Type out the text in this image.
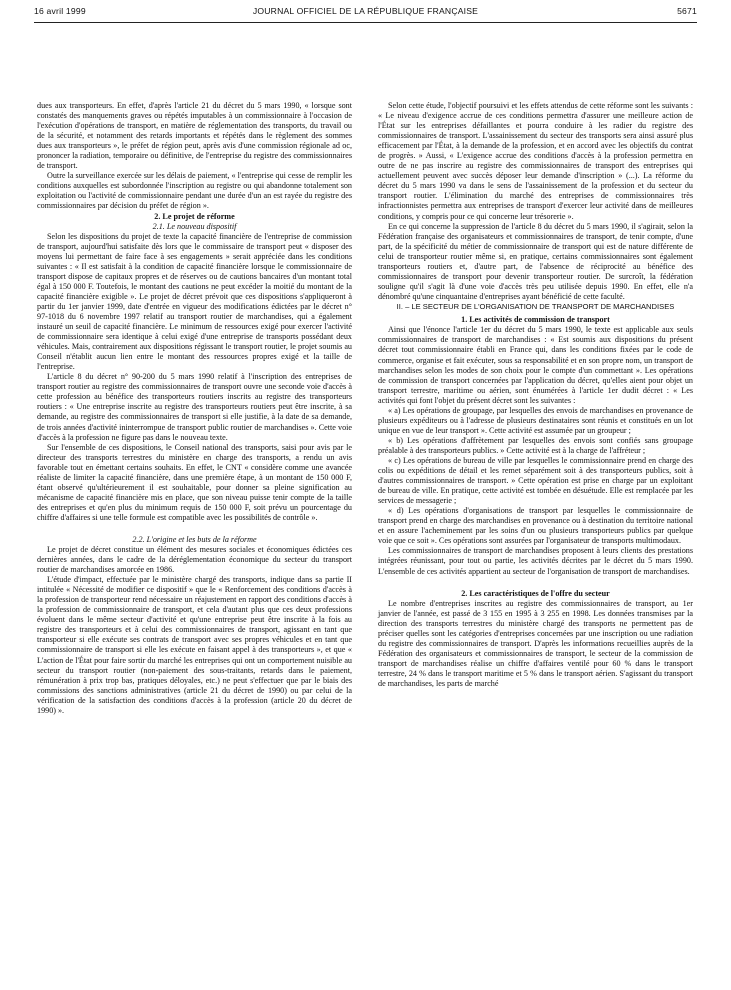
16 avril 1999	JOURNAL OFFICIEL DE LA RÉPUBLIQUE FRANÇAISE	5671

dues aux transporteurs. En effet, d'après l'article 21 du décret du 5 mars 1990, « lorsque sont constatés des manquements graves ou répétés imputables à un commissionnaire à l'occasion de l'exécution d'opérations de transport, en matière de réglementation des transports, du travail ou de la sécurité, et notamment des retards importants et répétés dans le règlement des sommes dues aux transporteurs », le préfet de région peut, après avis d'une commission régionale ad oc, prononcer la radiation, temporaire ou définitive, de l'entreprise du registre des commissionnaires de transport.

Outre la surveillance exercée sur les délais de paiement, « l'entreprise qui cesse de remplir les conditions auxquelles est subordonnée l'inscription au registre ou qui abandonne totalement son exploitation ou l'activité de commissionnaire pendant une durée d'un an est rayée du registre des commissionnaires par décision du préfet de région ».

2. Le projet de réforme

2.1. Le nouveau dispositif

Selon les dispositions du projet de texte la capacité financière de l'entreprise de commission de transport, aujourd'hui satisfaite dès lors que le commissaire de transport peut « disposer des moyens lui permettant de faire face à ses engagements » serait appréciée dans les conditions suivantes : « Il est satisfait à la condition de capacité financière lorsque le commissionnaire de transport dispose de capitaux propres et de réserves ou de cautions bancaires d'un montant total égal à 150 000 F. Toutefois, le montant des cautions ne peut excéder la moitié du montant de la capacité financière exigible ». Le projet de décret prévoit que ces dispositions s'appliqueront à partir du 1er janvier 1999, date d'entrée en vigueur des modifications édictées par le décret n° 97-1018 du 6 novembre 1997 relatif au transport routier de marchandises, qui a également instauré un seuil de capacité financière. Le minimum de ressources exigé pour exercer l'activité de commissionnaire sera identique à celui exigé d'une entreprise de transports possédant deux véhicules. Mais, contrairement aux dispositions régissant le transport routier, le projet soumis au Conseil n'établit aucun lien entre le montant des ressources propres exigé et la taille de l'entreprise.

L'article 8 du décret n° 90-200 du 5 mars 1990 relatif à l'inscription des entreprises de transport routier au registre des commissionnaires de transport ouvre une seconde voie d'accès à cette profession au bénéfice des transporteurs routiers inscrits au registre des transporteurs routiers : « Une entreprise inscrite au registre des transporteurs routiers peut être inscrite, à sa demande, au registre des commissionnaires de transport si elle justifie, à la date de sa demande, de trois années d'activité ininterrompue de transport public routier de marchandises ». Cette voie d'accès à la profession ne figure pas dans le nouveau texte.

Sur l'ensemble de ces dispositions, le Conseil national des transports, saisi pour avis par le directeur des transports terrestres du ministère en charge des transports, a rendu un avis favorable tout en émettant certains souhaits. En effet, le CNT « considère comme une avancée réaliste de limiter la capacité financière, dans une première étape, à un montant de 150 000 F, étant observé qu'ultérieurement il est souhaitable, pour donner sa pleine signification au mécanisme de capacité financière mis en place, que son niveau puisse tenir compte de la taille des entreprises et qu'en plus du minimum requis de 150 000 F, soit prévu un pourcentage du chiffre d'affaires si une telle formule est compatible avec les possibilités de contrôle ».

2.2. L'origine et les buts de la réforme

Le projet de décret constitue un élément des mesures sociales et économiques édictées ces dernières années, dans le cadre de la déréglementation économique du secteur du transport routier de marchandises amorcée en 1986.

L'étude d'impact, effectuée par le ministère chargé des transports, indique dans sa partie II intitulée « Nécessité de modifier ce dispositif » que le « Renforcement des conditions d'accès à la profession de transporteur rend nécessaire un réajustement en rapport des conditions d'accès à la profession de commissionnaire de transport, et cela d'autant plus que ces deux professions évoluent dans le même secteur d'activité et qu'une entreprise peut être inscrite à la fois au registre des transporteurs et à celui des commissionnaires de transport, agissant en tant que transporteur si elle exécute ses contrats de transport avec ses propres véhicules et en tant que commissionnaire de transport si elle les exécute en faisant appel à des transporteurs », et que « L'action de l'État pour faire sortir du marché les entreprises qui ont un comportement nuisible au secteur du transport routier (non-paiement des sous-traitants, retards dans le paiement, rémunération à prix trop bas, pratiques déloyales, etc.) ne peut s'effectuer que par le biais des commissions des sanctions administratives (article 21 du décret de 1990) ou par celui de la vérification de la satisfaction des conditions d'accès à la profession (article 20 du décret de 1990) ».

Selon cette étude, l'objectif poursuivi et les effets attendus de cette réforme sont les suivants : « Le niveau d'exigence accrue de ces conditions permettra d'assurer une meilleure action de l'État sur les entreprises défaillantes et pourra conduire à les radier du registre des commissionnaires de transport. L'assainissement du secteur des transports sera ainsi assuré plus efficacement par l'État, à la demande de la profession, et en accord avec les objectifs du contrat de progrès. » Aussi, « L'exigence accrue des conditions d'accès à la profession permettra en outre de ne pas inscrire au registre des commissionnaires de transport des entreprises qui actuellement peuvent avec succès déposer leur demande d'inscription » (...). La réforme du décret du 5 mars 1990 va dans le sens de l'assainissement de la profession et du secteur du transport routier. L'élimination du marché des entreprises de commissionnaires très infractionnistes permettra aux entreprises de transport d'exercer leur activité dans de meilleures conditions, y compris pour ce qui concerne leur trésorerie ».

En ce qui concerne la suppression de l'article 8 du décret du 5 mars 1990, il s'agirait, selon la Fédération française des organisateurs et commissionnaires de transport, de tenir compte, d'une part, de la spécificité du métier de commissionnaire de transport qui est de nature différente de celui de transporteur routier même si, en pratique, certains commissionnaires sont également transporteurs routiers et, d'autre part, de l'absence de réciprocité au bénéfice des commissionnaires de transport pour devenir transporteur routier. De surcroît, la fédération souligne qu'il s'agit là d'une voie d'accès très peu utilisée depuis 1990. En effet, elle n'a dénombré qu'une cinquantaine d'entreprises ayant bénéficié de cette faculté.

II. – LE SECTEUR DE L'ORGANISATION DE TRANSPORT DE MARCHANDISES

1. Les activités de commission de transport

Ainsi que l'énonce l'article 1er du décret du 5 mars 1990, le texte est applicable aux seuls commissionnaires de transport de marchandises : « Est soumis aux dispositions du présent décret tout commissionnaire établi en France qui, dans les conditions fixées par le code de commerce, organise et fait exécuter, sous sa responsabilité et en son propre nom, un transport de marchandises selon les modes de son choix pour le compte d'un commettant ». Les opérations de commission de transport concernées par l'application du décret, qu'elles aient pour objet un transport terrestre, maritime ou aérien, sont énumérées à l'article 1er dudit décret : « Les activités qui font l'objet du présent décret sont les suivantes :

« a) Les opérations de groupage, par lesquelles des envois de marchandises en provenance de plusieurs expéditeurs ou à l'adresse de plusieurs destinataires sont réunis et constitués en un lot unique en vue de leur transport ». Cette activité est assumée par un groupeur ;

« b) Les opérations d'affrètement par lesquelles des envois sont confiés sans groupage préalable à des transporteurs publics. » Cette activité est à la charge de l'affréteur ;

« c) Les opérations de bureau de ville par lesquelles le commissionnaire prend en charge des colis ou expéditions de détail et les remet séparément soit à des transporteurs publics, soit à d'autres commissionnaires de transport. » Cette opération est prise en charge par un exploitant de bureau de ville. En pratique, cette activité est tombée en désuétude. Elle est remplacée par les services de messagerie ;

« d) Les opérations d'organisations de transport par lesquelles le commissionnaire de transport prend en charge des marchandises en provenance ou à destination du territoire national et en assure l'acheminement par les soins d'un ou plusieurs transporteurs publics par quelque voie que ce soit ». Ces opérations sont assurées par l'organisateur de transports multimodaux.

Les commissionnaires de transport de marchandises proposent à leurs clients des prestations intégrées réunissant, pour tout ou partie, les activités décrites par le décret du 5 mars 1990. L'ensemble de ces activités appartient au secteur de l'organisation de transport de marchandises.

2. Les caractéristiques de l'offre du secteur

Le nombre d'entreprises inscrites au registre des commissionnaires de transport, au 1er janvier de l'année, est passé de 3 155 en 1995 à 3 255 en 1998. Les données transmises par la direction des transports terrestres du ministère chargé des transports ne permettent pas de préciser quelles sont les catégories d'entreprises concernées par une inscription ou une radiation du registre des commissionnaires de transport. D'après les informations recueillies auprès de la Fédération des organisateurs et commissionnaires de transport, le secteur de la commission de transport de marchandises réalise un chiffre d'affaires ventilé pour 60 % dans le transport terrestre, 24 % dans le transport maritime et 5 % dans le transport aérien. S'agissant du transport de marchandises, les parts de marché
